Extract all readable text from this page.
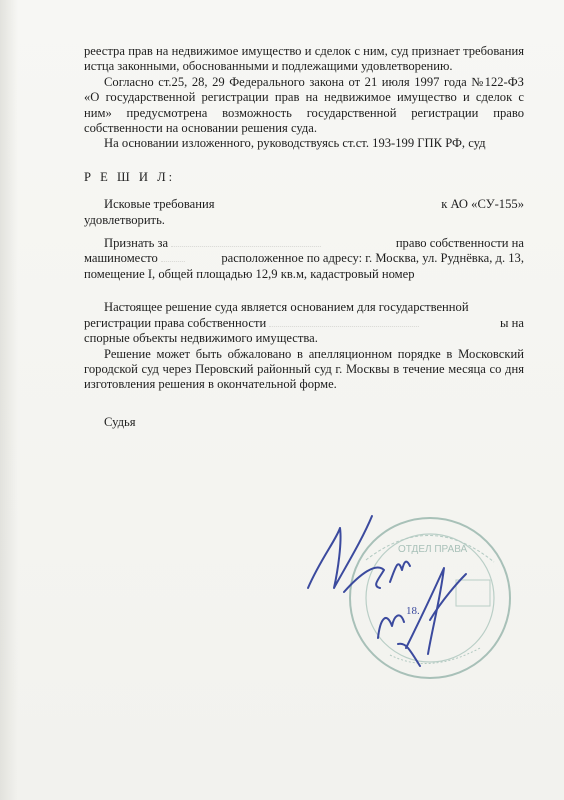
реестра прав на недвижимое имущество и сделок с ним, суд признает требования истца законными, обоснованными и подлежащими удовлетворению.

Согласно ст.25, 28, 29 Федерального закона от 21 июля 1997 года №122-ФЗ «О государственной регистрации прав на недвижимое имущество и сделок с ним» предусмотрена возможность государственной регистрации право собственности на основании решения суда.

На основании изложенного, руководствуясь ст.ст. 193-199 ГПК РФ, суд

Р Е Ш И Л:

Исковые требования	к АО «СУ-155»

удовлетворить.

Признать за	право собственности на
машиноместо	расположенное по адресу: г. Москва, ул. Руднёвка, д. 13,

помещение I, общей площадью 12,9 кв.м, кадастровый номер

Настоящее решение суда является основанием для государственной

регистрации права собственности	ы на

спорные объекты недвижимого имущества.

Решение может быть обжаловано в апелляционном порядке в Московский городской суд через Перовский районный суд г. Москвы в течение месяца со дня изготовления решения в окончательной форме.

Судья

ОТДЕЛ ПРАВА
18.
